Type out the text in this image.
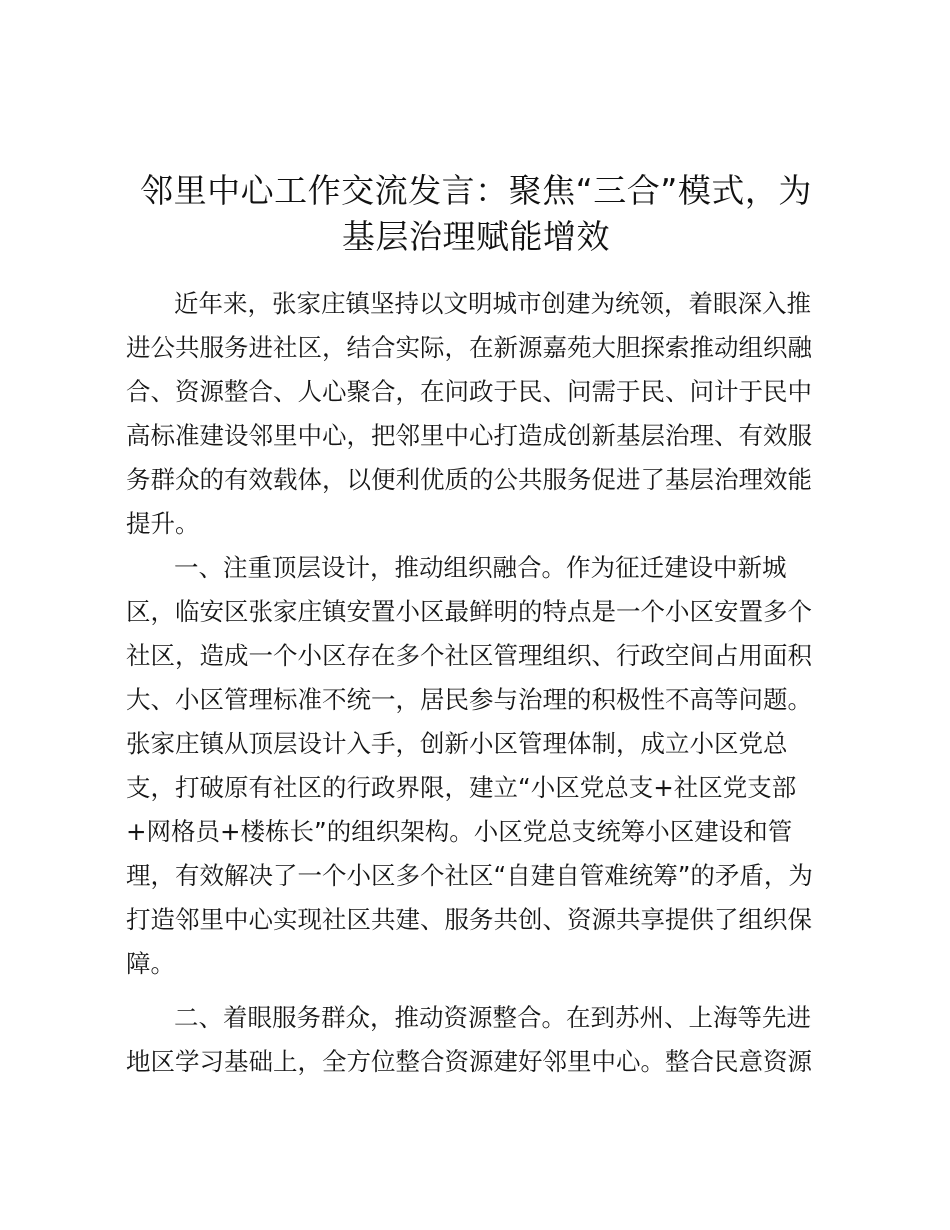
邻里中心工作交流发言：聚焦“三合”模式，为
基层治理赋能增效
近年来，张家庄镇坚持以文明城市创建为统领，着眼深入推
进公共服务进社区，结合实际，在新源嘉苑大胆探索推动组织融
合、资源整合、人心聚合，在问政于民、问需于民、问计于民中
高标准建设邻里中心，把邻里中心打造成创新基层治理、有效服
务群众的有效载体，以便利优质的公共服务促进了基层治理效能
提升。
一、注重顶层设计，推动组织融合。作为征迁建设中新城
区，临安区张家庄镇安置小区最鲜明的特点是一个小区安置多个
社区，造成一个小区存在多个社区管理组织、行政空间占用面积
大、小区管理标准不统一，居民参与治理的积极性不高等问题。
张家庄镇从顶层设计入手，创新小区管理体制，成立小区党总
支，打破原有社区的行政界限，建立“小区党总支+社区党支部
+网格员+楼栋长”的组织架构。小区党总支统筹小区建设和管
理，有效解决了一个小区多个社区“自建自管难统筹”的矛盾，为
打造邻里中心实现社区共建、服务共创、资源共享提供了组织保
障。
二、着眼服务群众，推动资源整合。在到苏州、上海等先进
地区学习基础上，全方位整合资源建好邻里中心。整合民意资源
